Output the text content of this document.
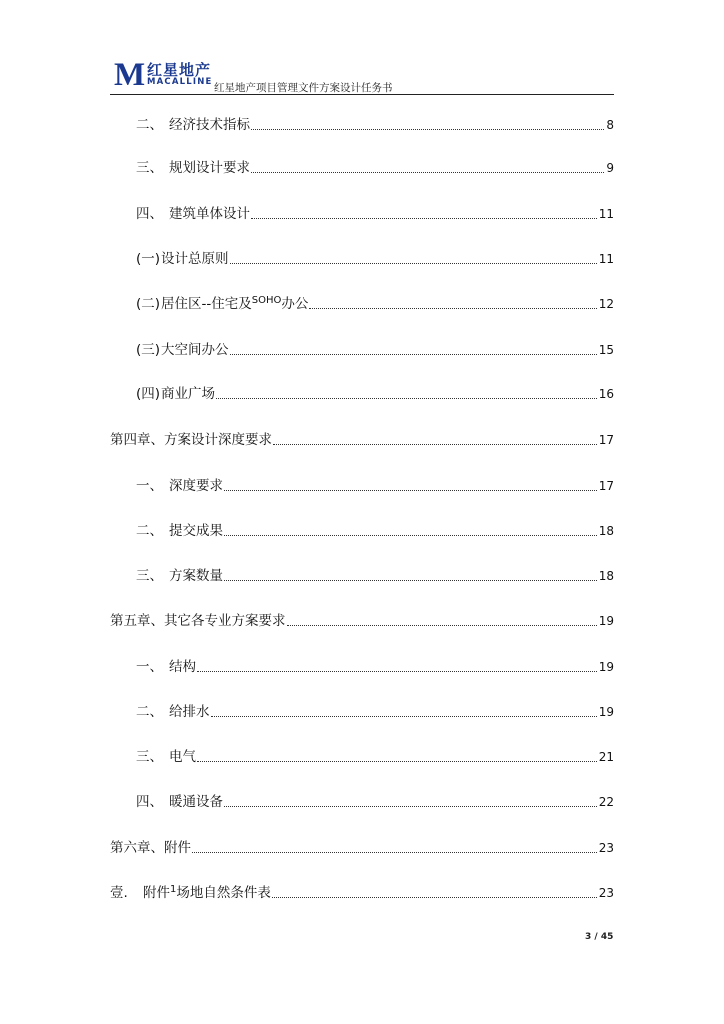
M 红星地产
MACALLINE 红星地产项目管理文件方案设计任务书
二、 经济技术指标	8
三、 规划设计要求	9
四、 建筑单体设计	11
(一) 设计总原则	11
(二) 居住区--住宅及$^{SOHO}$办公	12
(三) 大空间办公	15
(四) 商业广场	16
第四章、方案设计深度要求	17
一、 深度要求	17
二、 提交成果	18
三、 方案数量	18
第五章、其它各专业方案要求	19
一、 结构	19
二、 给排水	19
三、 电气	21
四、 暖通设备	22
第六章、附件	23
壹.	附件$^1$场地自然条件表	23
3 / 45
